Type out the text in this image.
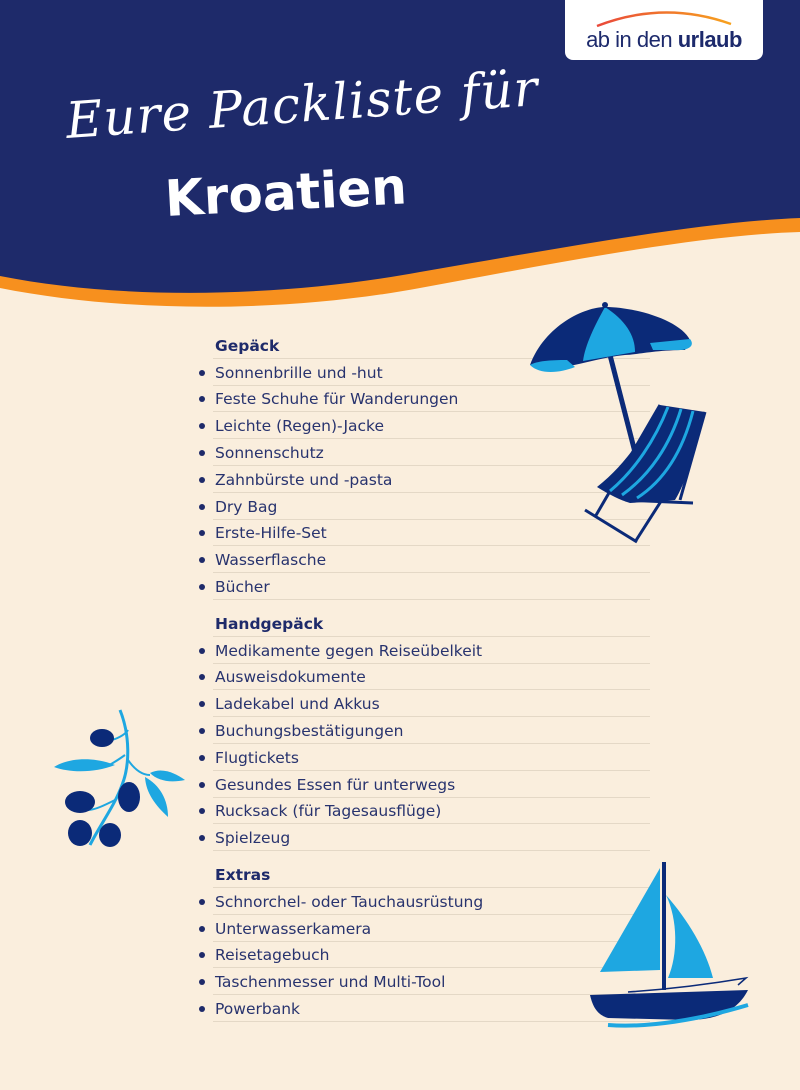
ab in den urlaub
Eure Packliste für
Kroatien
Gepäck
Sonnenbrille und -hut
Feste Schuhe für Wanderungen
Leichte (Regen)-Jacke
Sonnenschutz
Zahnbürste und -pasta
Dry Bag
Erste-Hilfe-Set
Wasserflasche
Bücher
Handgepäck
Medikamente gegen Reiseübelkeit
Ausweisdokumente
Ladekabel und Akkus
Buchungsbestätigungen
Flugtickets
Gesundes Essen für unterwegs
Rucksack (für Tagesausflüge)
Spielzeug
Extras
Schnorchel- oder Tauchausrüstung
Unterwasserkamera
Reisetagebuch
Taschenmesser und Multi-Tool
Powerbank
